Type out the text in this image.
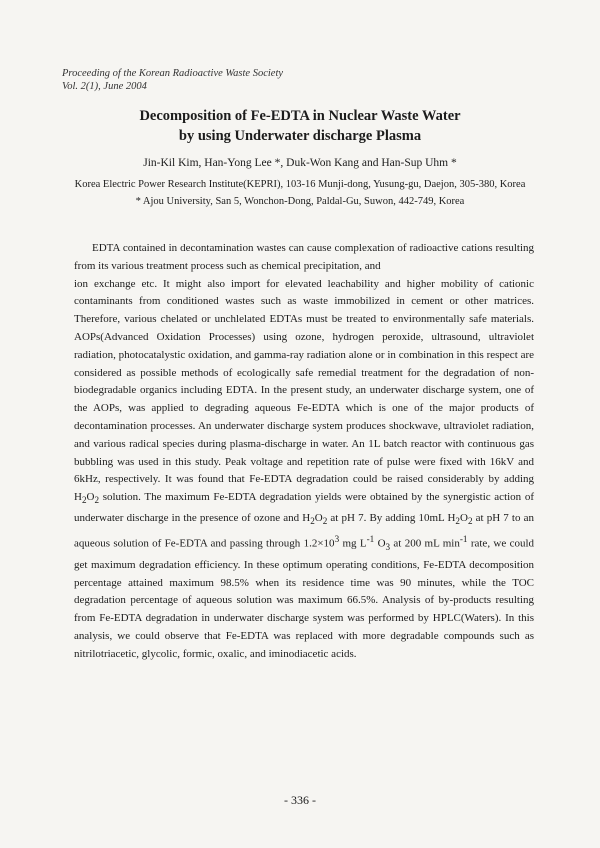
Proceeding of the Korean Radioactive Waste Society
Vol. 2(1), June 2004
Decomposition of Fe-EDTA in Nuclear Waste Water
by using Underwater discharge Plasma
Jin-Kil Kim, Han-Yong Lee *, Duk-Won Kang and Han-Sup Uhm *
Korea Electric Power Research Institute(KEPRI), 103-16 Munji-dong, Yusung-gu, Daejon, 305-380, Korea
* Ajou University, San 5, Wonchon-Dong, Paldal-Gu, Suwon, 442-749, Korea

EDTA contained in decontamination wastes can cause complexation of radioactive cations resulting from its various treatment process such as chemical precipitation, and

ion exchange etc. It might also import for elevated leachability and higher mobility of cationic contaminants from conditioned wastes such as waste immobilized in cement or other matrices. Therefore, various chelated or unchlelated EDTAs must be treated to environmentally safe materials. AOPs(Advanced Oxidation Processes) using ozone, hydrogen peroxide, ultrasound, ultraviolet radiation, photocatalystic oxidation, and gamma-ray radiation alone or in combination in this respect are considered as possible methods of ecologically safe remedial treatment for the degradation of non-biodegradable organics including EDTA. In the present study, an underwater discharge system, one of the AOPs, was applied to degrading aqueous Fe-EDTA which is one of the major products of decontamination processes. An underwater discharge system produces shockwave, ultraviolet radiation, and various radical species during plasma-discharge in water. An 1L batch reactor with continuous gas bubbling was used in this study. Peak voltage and repetition rate of pulse were fixed with 16kV and 6kHz, respectively. It was found that Fe-EDTA degradation could be raised considerably by adding $H_2O_2$ solution. The maximum Fe-EDTA degradation yields were obtained by the synergistic action of underwater discharge in the presence of ozone and $H_2O_2$ at pH 7. By adding 10mL $H_2O_2$ at pH 7 to an aqueous solution of Fe-EDTA and passing through $1.2\times 10^3$ mg $L^{-1}$ $O_3$ at 200 mL $\min^{-1}$ rate, we could get maximum degradation efficiency. In these optimum operating conditions, Fe-EDTA decomposition percentage attained maximum 98.5% when its residence time was 90 minutes, while the TOC degradation percentage of aqueous solution was maximum 66.5%. Analysis of by-products resulting from Fe-EDTA degradation in underwater discharge system was performed by HPLC(Waters). In this analysis, we could observe that Fe-EDTA was replaced with more degradable compounds such as nitrilotriacetic, glycolic, formic, oxalic, and iminodiacetic acids.

- 336 -
